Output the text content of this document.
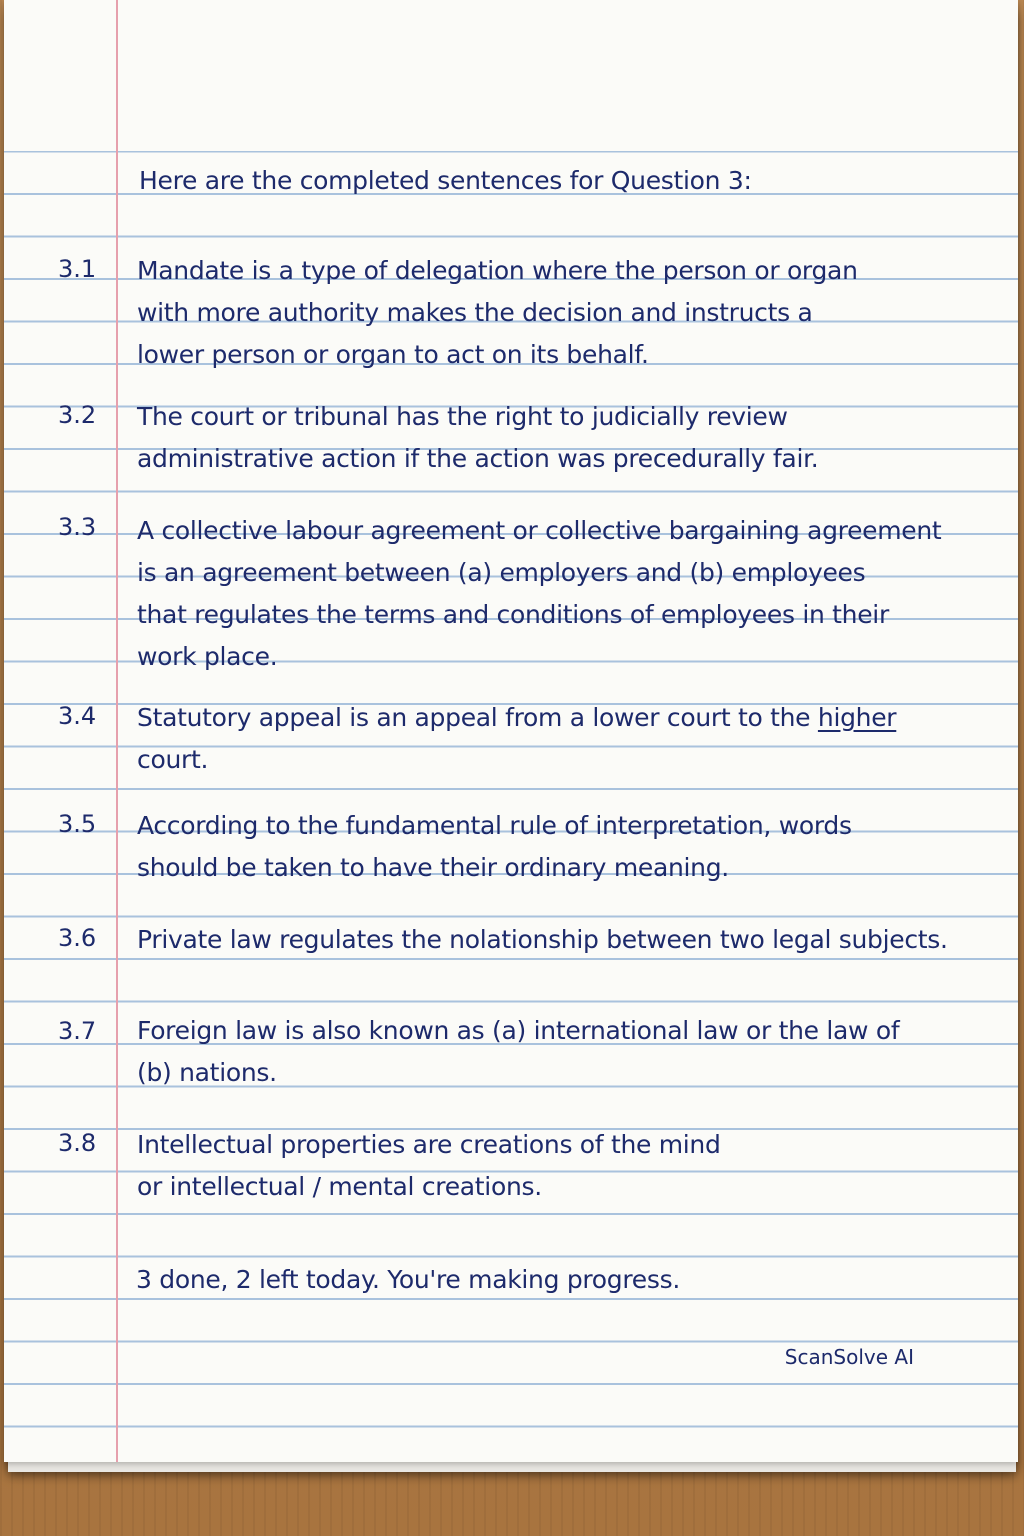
Here are the completed sentences for Question 3:
3.1 Mandate is a type of delegation where the person or organ
with more authority makes the decision and instructs a
lower person or organ to act on its behalf.
3.2 The court or tribunal has the right to judicially review
administrative action if the action was precedurally fair.
3.3 A collective labour agreement or collective bargaining agreement
is an agreement between (a) employers and (b) employees
that regulates the terms and conditions of employees in their
work place.
3.4 Statutory appeal is an appeal from a lower court to the higher
court.
3.5 According to the fundamental rule of interpretation, words
should be taken to have their ordinary meaning.
3.6 Private law regulates the nolationship between two legal subjects.
3.7 Foreign law is also known as (a) international law or the law of
(b) nations.
3.8 Intellectual properties are creations of the mind
or intellectual / mental creations.
3 done, 2 left today. You're making progress.
ScanSolve AI
